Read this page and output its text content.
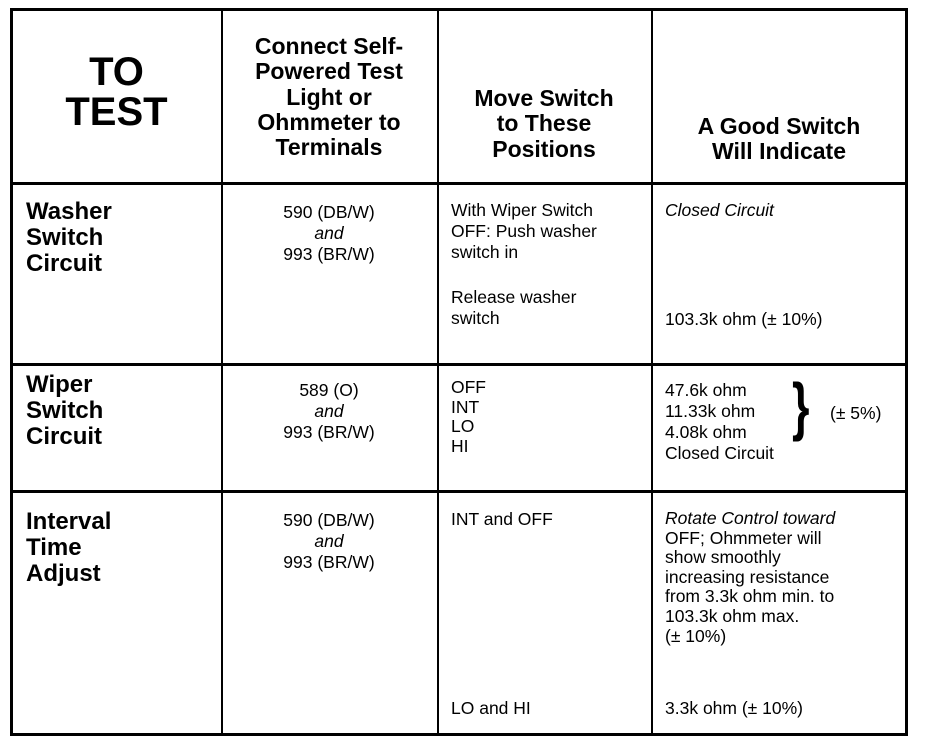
TO
TEST
Connect Self-
Powered Test
Light or
Ohmmeter to
Terminals
Move Switch
to These
Positions
A Good Switch
Will Indicate
Washer
Switch
Circuit
590 (DB/W)
and
993 (BR/W)
With Wiper Switch
OFF: Push washer
switch in
Release washer
switch
Closed Circuit
103.3k ohm (± 10%)
Wiper
Switch
Circuit
589 (O)
and
993 (BR/W)
OFF
INT
LO
HI
47.6k ohm
11.33k ohm
4.08k ohm
Closed Circuit
} (± 5%)
Interval
Time
Adjust
590 (DB/W)
and
993 (BR/W)
INT and OFF
LO and HI
Rotate Control toward
OFF; Ohmmeter will
show smoothly
increasing resistance
from 3.3k ohm min. to
103.3k ohm max.
(± 10%)
3.3k ohm (± 10%)
